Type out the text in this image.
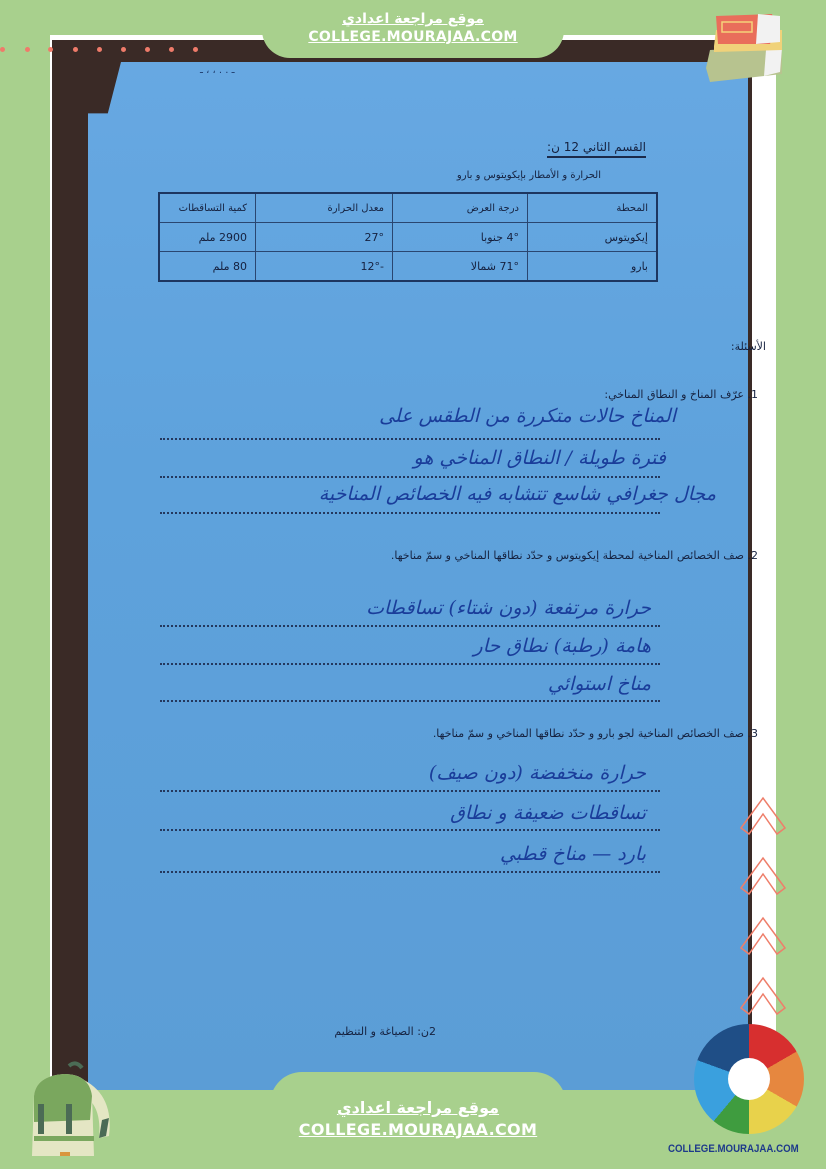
ـ . . ، ، ـ
موقع مراجعة اعدادي
COLLEGE.MOURAJAA.COM
القسم الثاني 12 ن:
الحرارة و الأمطار بإيكويتوس و بارو
المحطة	درجة العرض	معدل الحرارة	كمية التساقطات
إيكويتوس	4° جنوبا	27°	2900 ملم
بارو	71° شمالا	-12°	80 ملم
الأسئلة:
1. عرّف المناخ و النطاق المناخي:
المناخ حالات متكررة من الطقس على
فترة طويلة / النطاق المناخي هو
مجال جغرافي شاسع تتشابه فيه الخصائص المناخية
2. صف الخصائص المناخية لمحطة إيكويتوس و حدّد نطاقها المناخي و سمّ مناخها.
حرارة مرتفعة (دون شتاء) تساقطات
هامة (رطبة) نطاق حار
مناخ استوائي
3. صف الخصائص المناخية لجو بارو و حدّد نطاقها المناخي و سمّ مناخها.
حرارة منخفضة (دون صيف)
تساقطات ضعيفة و نطاق
بارد — مناخ قطبي
2ن: الصياغة و التنظيم
موقع مراجعة اعدادي
COLLEGE.MOURAJAA.COM
COLLEGE.MOURAJAA.COM
